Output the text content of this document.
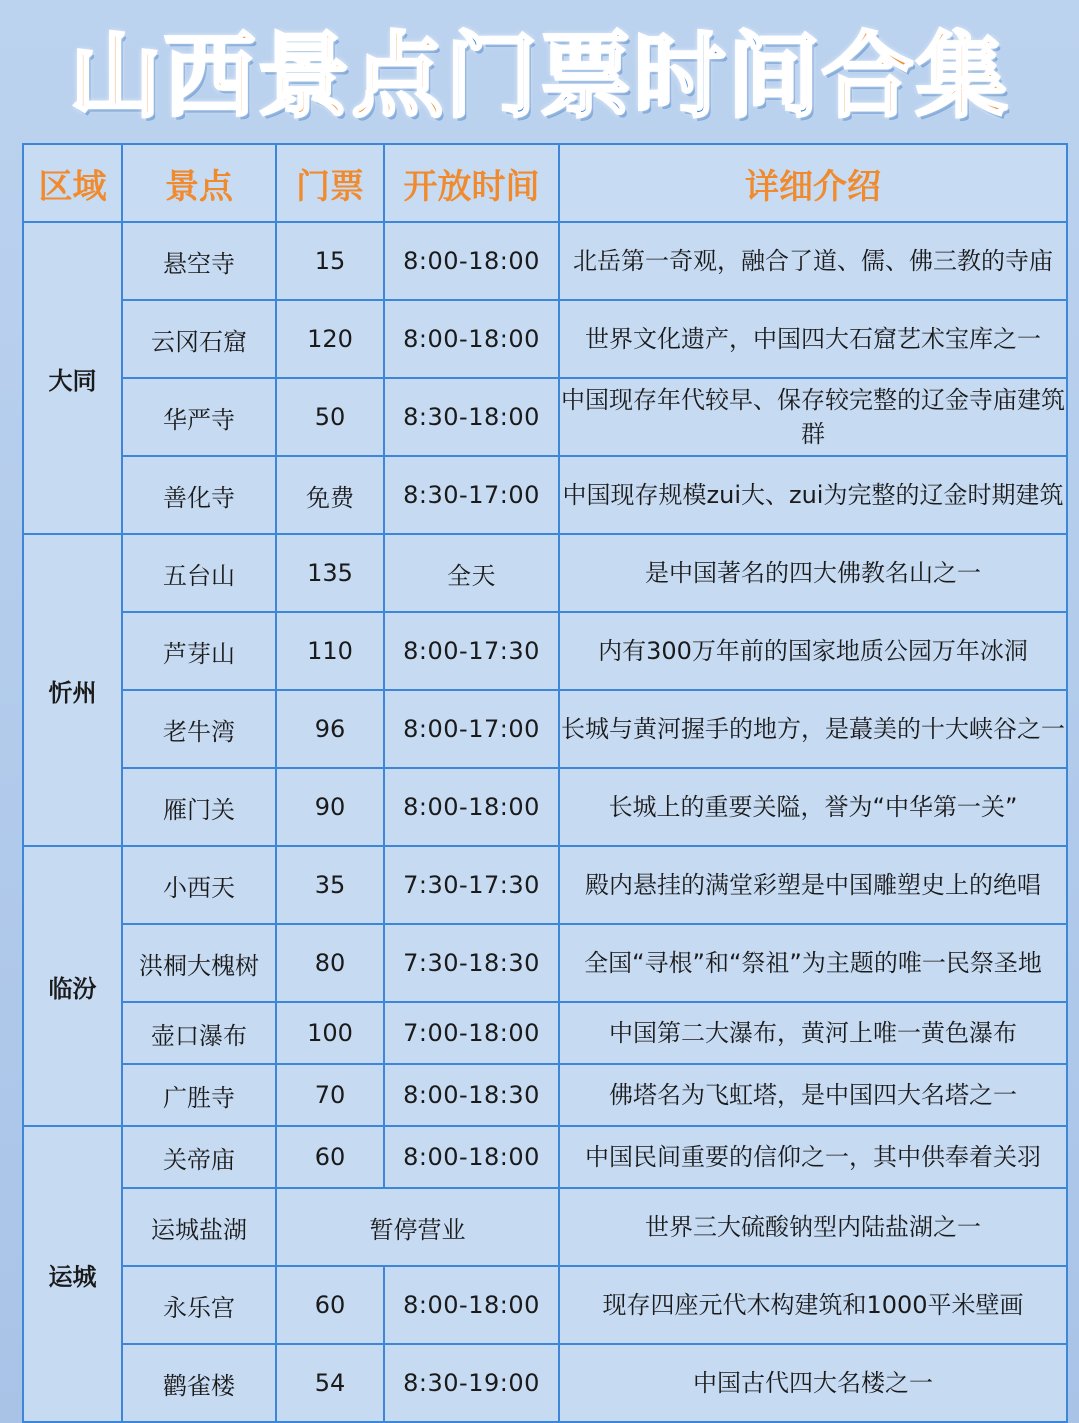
山西景点门票时间合集
区域	景点	门票	开放时间	详细介绍
大同	悬空寺	15	8:00-18:00	北岳第一奇观，融合了道、儒、佛三教的寺庙
	云冈石窟	120	8:00-18:00	世界文化遗产，中国四大石窟艺术宝库之一
	华严寺	50	8:30-18:00	中国现存年代较早、保存较完整的辽金寺庙建筑群
	善化寺	免费	8:30-17:00	中国现存规模zui大、zui为完整的辽金时期建筑
忻州	五台山	135	全天	是中国著名的四大佛教名山之一
	芦芽山	110	8:00-17:30	内有300万年前的国家地质公园万年冰洞
	老牛湾	96	8:00-17:00	长城与黄河握手的地方，是蕞美的十大峡谷之一
	雁门关	90	8:00-18:00	长城上的重要关隘，誉为“中华第一关”
临汾	小西天	35	7:30-17:30	殿内悬挂的满堂彩塑是中国雕塑史上的绝唱
	洪桐大槐树	80	7:30-18:30	全国“寻根”和“祭祖”为主题的唯一民祭圣地
	壶口瀑布	100	7:00-18:00	中国第二大瀑布，黄河上唯一黄色瀑布
	广胜寺	70	8:00-18:30	佛塔名为飞虹塔，是中国四大名塔之一
运城	关帝庙	60	8:00-18:00	中国民间重要的信仰之一，其中供奉着关羽
	运城盐湖	暂停营业		世界三大硫酸钠型内陆盐湖之一
	永乐宫	60	8:00-18:00	现存四座元代木构建筑和1000平米壁画
	鹳雀楼	54	8:30-19:00	中国古代四大名楼之一
